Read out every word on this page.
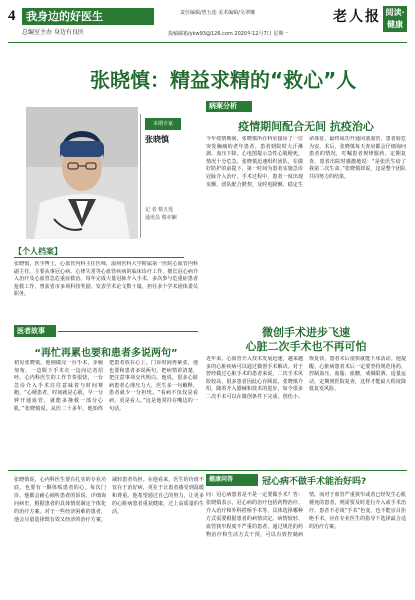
4 我身边的好医生
总编室主办 身边有良医
责任编辑/曾五莲 美术编辑/吴翠娜
投稿邮箱/ykw93@126.com 2020年12月7日 星期一
老人报 阅读·健康
张晓慎：精益求精的“救心”人
本期专家
张晓慎
记 者 蔡五莲
通讯员 蔡亦娴
【个人档案】
张晓慎，医学博士，心血管内科主任医师，温州医科大学附属第一医院心血管内科副主任。主要从事冠心病、心律失常等心血管疾病的临床诊疗工作，擅长冠心病介入治疗及心血管急危重症救治。每年完成大量冠脉介入手术，多次参与危重症患者抢救工作，曾获省市多项科技奖励，发表学术论文数十篇，担任多个学术团体委员职务。
医者故事
“再忙再累也要和患者多说两句”
初见张晓慎，他刚做完一台手术，步履匆匆，一边脱下手术衣一边向记者招呼。心内科医生的工作节奏很快，一台急诊介入手术往往意味着与时间赛跑。“心梗患者，时间就是心肌，早一分钟开通血管，就能多挽救一部分心肌。”张晓慎说。从医二十多年，他始终把患者放在心上。门诊时间再紧张，他也要和患者多说两句，把病情讲清楚，把注意事项交代明白。他说，很多心脏病患者心理压力大，医生多一句解释，患者就少一分担忧。“看病不仅仅是看病，更是看人。”这是他常挂在嘴边的一句话。
病案分析
疫情期间配合无间 抗疫治心
今年疫情期间，张晓慎所在科室接诊了一位突发胸痛的老年患者。患者到院时大汗淋漓、血压下降，心电图提示急性心肌梗死，情况十分危急。张晓慎迅速组织团队，在做好防护的前提下，第一时间为患者实施急诊冠脉介入治疗。手术过程中，患者一度出现室颤，团队配合默契，及时电除颤、稳定生命体征，最终成功开通闭塞血管，患者转危为安。术后，张晓慎每天查房都会仔细询问患者的情况，叮嘱患者规律服药、定期复查。患者出院时感激地说：“是张医生给了我第二次生命。”张晓慎却说，这是整个团队共同努力的结果。
微创手术进步飞速
心脏二次手术也不再可怕
近年来，心血管介入技术发展迅速，越来越多的心脏疾病可以通过微创手术解决。对于曾经做过心脏手术的患者来说，二次手术风险较高，很多患者因此心存顾虑。张晓慎介绍，随着介入器械和技术的进步，如今很多二次手术可以在微创条件下完成，创伤小、恢复快，患者术后很快就能下床活动。他提醒，心脏病患者术后一定要坚持规范用药，控制血压、血脂、血糖，戒烟限酒，适量运动，定期到医院复查，这样才能最大程度降低复发风险。
张晓慎说，心内科医生要有扎实的专业功底，也要有一颗体贴患者的心。每次门诊，他都会耐心倾听患者的诉说，详细询问病史，根据患者的具体情况制定个体化的治疗方案。对于一些经济困难的患者，他会尽量选择既有效又经济的治疗方案，减轻患者负担。在他看来，医生的价值不仅在于治好病，更在于让患者感受到温暖和尊重。他希望通过自己的努力，让更多的心脏病患者重获健康，过上高质量的生活。
健康问答	冠心病不做手术能治好吗?
问：冠心病患者是不是一定要做手术？答：张晓慎表示，冠心病的治疗包括药物治疗、介入治疗和外科搭桥手术等，具体选择哪种方式需要根据患者的病情决定。病情较轻、血管狭窄程度不严重的患者，通过规范的药物治疗和生活方式干预，可以有效控制病情。而对于血管严重狭窄或者已经发生心肌梗死的患者，则需要及时进行介入或手术治疗。患者不必谈“手术”色变，也不能盲目拒绝手术，应在专业医生的指导下选择最合适的治疗方案。
